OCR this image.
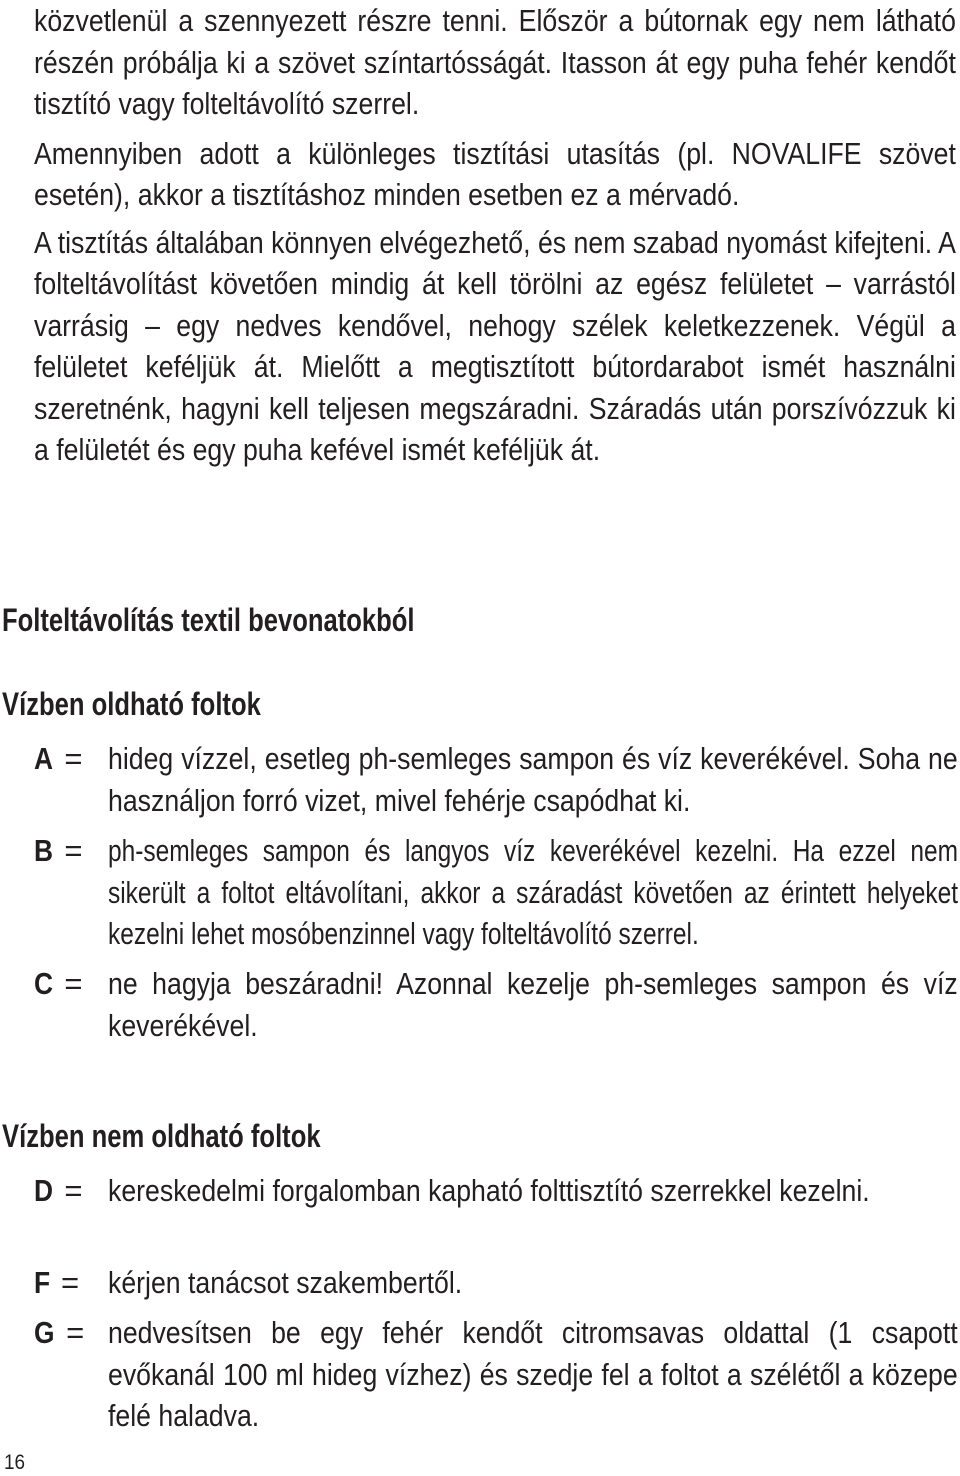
közvetlenül a szennyezett részre tenni. Először a bútornak egy nem látható részén próbálja ki a szövet színtartósságát. Itasson át egy puha fehér kendőt tisztító vagy folteltávolító szerrel.

Amennyiben adott a különleges tisztítási utasítás (pl. NOVALIFE szövet esetén), akkor a tisztításhoz minden esetben ez a mérvadó.

A tisztítás általában könnyen elvégezhető, és nem szabad nyomást kifejteni. A folteltávolítást követően mindig át kell törölni az egész felületet – varrástól varrásig – egy nedves kendővel, nehogy szélek keletkezzenek. Végül a felületet keféljük át. Mielőtt a megtisztított bútordarabot ismét használni szeretnénk, hagyni kell teljesen megszáradni. Száradás után porszívózzuk ki a felületét és egy puha kefével ismét keféljük át.

Folteltávolítás textil bevonatokból
Vízben oldható foltok
A = hideg vízzel, esetleg ph-semleges sampon és víz keverékével. Soha ne használjon forró vizet, mivel fehérje csapódhat ki.
B = ph-semleges sampon és langyos víz keverékével kezelni. Ha ezzel nem sikerült a foltot eltávolítani, akkor a száradást követően az érintett helyeket kezelni lehet mosóbenzinnel vagy folteltávolító szerrel.
C = ne hagyja beszáradni! Azonnal kezelje ph-semleges sampon és víz keverékével.
Vízben nem oldható foltok
D = kereskedelmi forgalomban kapható folttisztító szerrekkel kezelni.
F = kérjen tanácsot szakembertől.
G = nedvesítsen be egy fehér kendőt citromsavas oldattal (1 csapott evőkanál 100 ml hideg vízhez) és szedje fel a foltot a szélétől a közepe felé haladva.
16
